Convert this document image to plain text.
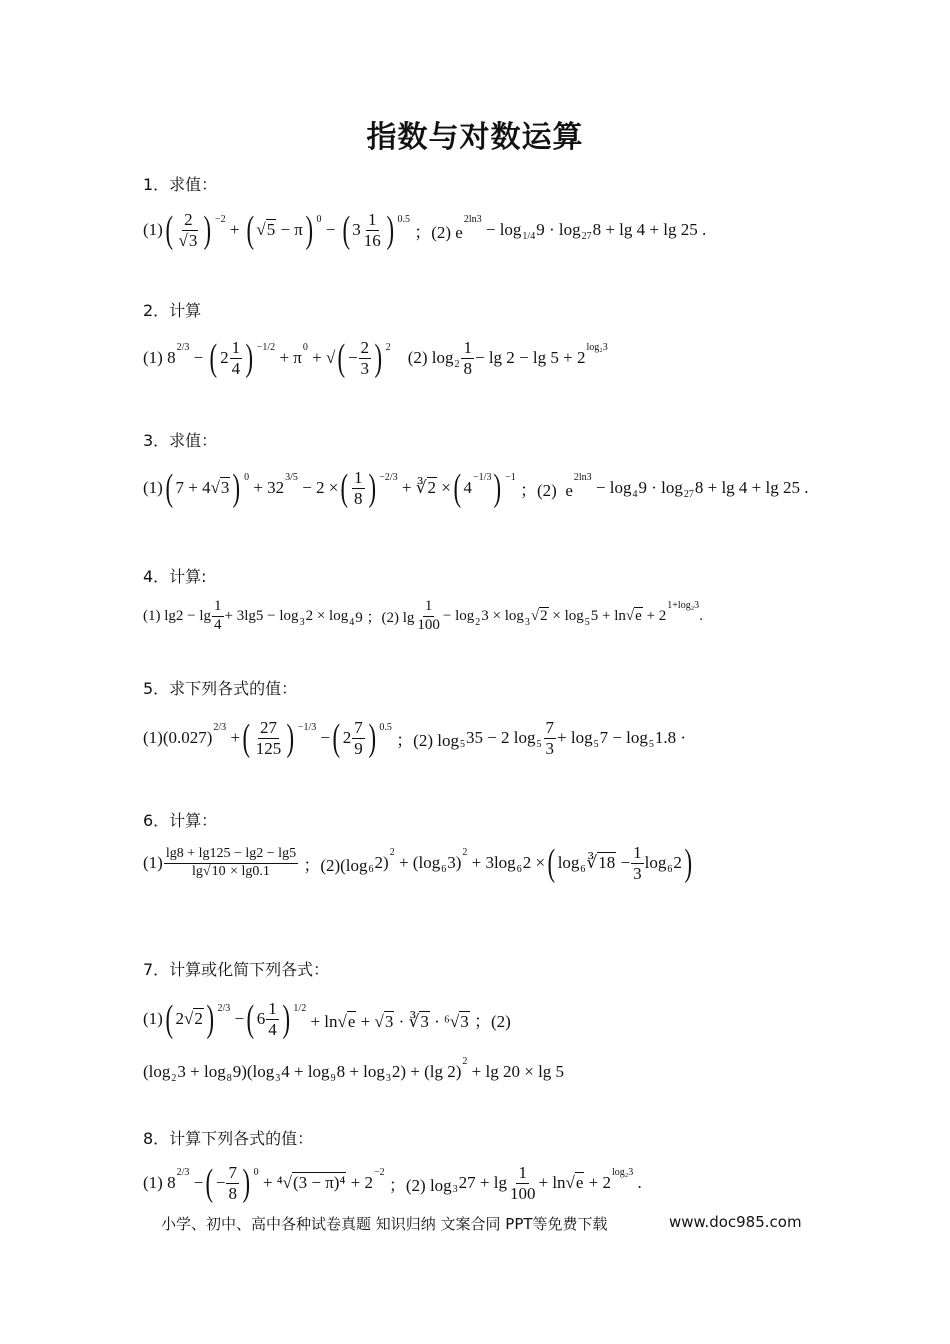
指数与对数运算
1．求值：
(1) ( $\frac{2}{√3}$ ) −2
+ ( √5 − π ) 0
− ( $3 \frac{1}{16}$ ) 0.5
；(2) e
2ln3
− log 1/4 9 · log 27 8 + lg 4 + lg 25 .
2．计算
(1) 8
2/3
− ( $2 \frac{1}{4}$ ) −1/2
+ π
0
+ √ ( − $\frac{2}{3}$ ) 2
(2) $\log 2 \frac{1}{8} - \lg 2 - \lg 5 + 2$
log₂3
3．求值：
(1) ( 7 + 4√3 ) 0
+ 32
3/5
− 2 × ( $\frac{1}{8}$ ) −2/3
+ ∛2 × ( 4
−1/3 ) −1
；(2)  e
2ln3
− log 4 9 · log 27 8 + lg 4 + lg 25 .
4．计算:
(1) $\lg 2 - \lg \frac{1}{4} + 3\lg 5 - \log 3$ 2 × log 4 9 ；(2) $\lg \frac{1}{100} - \log 2$ 3 × log 3 √2 × log 5 5 + ln√e + 2
1+log₂3
.
5．求下列各式的值：
(1)(0.027)
2/3
+ ( $\frac{27}{125}$ ) −1/3
− ( $2 \frac{7}{9}$ ) 0.5
；(2) log 5 35 − 2 $\log 5 \frac{7}{3} + \log 5$ 7 − log 5 1.8 ·
6．计算：
$(1) \frac{\lg 8 + \lg 125 - \lg 2 - \lg 5}{\lg√10 \times \lg 0.1}$ ；(2)(log 6 2)
2
+ (log 6 3)
2
+ 3log 6 2 × ( log 6 ∛18 − $\frac{1}{3}$ log 6 2 )
7．计算或化简下列各式：
(1) ( 2√2 ) 2/3
− ( $6 \frac{1}{4}$ ) 1/2
+ ln√e + √3 · ∛3 · ⁶√3 ；(2)
(log 2 3 + log 8 9)(log 3 4 + log 9 8 + log 3 2) + (lg 2)
2
+ lg 20 × lg 5
8．计算下列各式的值：
(1) 8
2/3
− ( − $\frac{7}{8}$ ) 0
+ ⁴√(3 − π)⁴ + 2
−2
；(2) log 3 $27 + \lg \frac{1}{100} + \ln√e + 2$
log₂3
.
小学、初中、高中各种试卷真题 知识归纳 文案合同 PPT等免费下载	www.doc985.com
